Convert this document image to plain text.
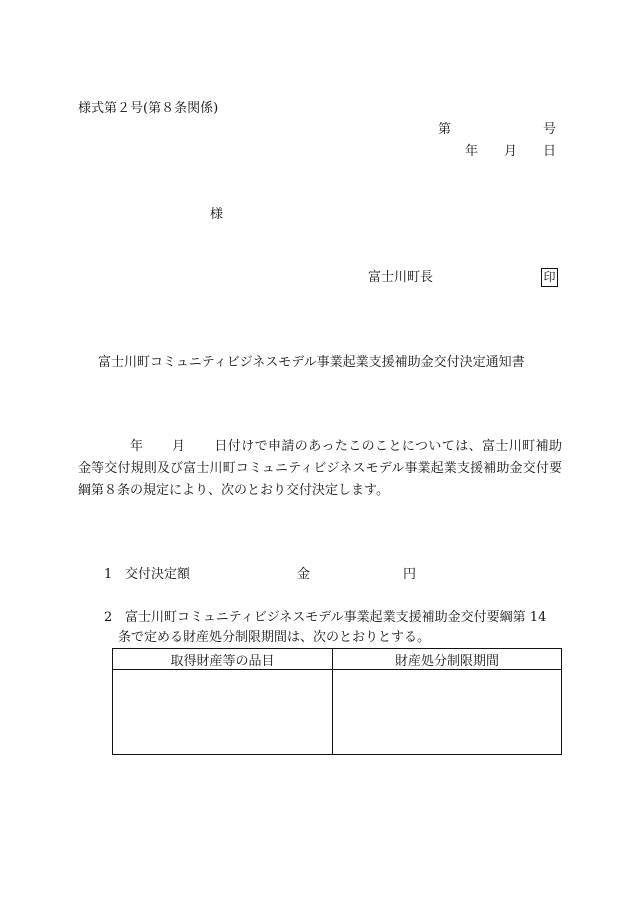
様式第２号(第８条関係)
第	号
年 月 日
様
富士川町長	印
富士川町コミュニティビジネスモデル事業起業支援補助金交付決定通知書
年 月 日付けで申請のあったこのことについては、富士川町補助金等交付規則及び富士川町コミュニティビジネスモデル事業起業支援補助金交付要綱第８条の規定により、次のとおり交付決定します。
1 交付決定額	金	円
2 富士川町コミュニティビジネスモデル事業起業支援補助金交付要綱第 14 条で定める財産処分制限期間は、次のとおりとする。
取得財産等の品目	財産処分制限期間
